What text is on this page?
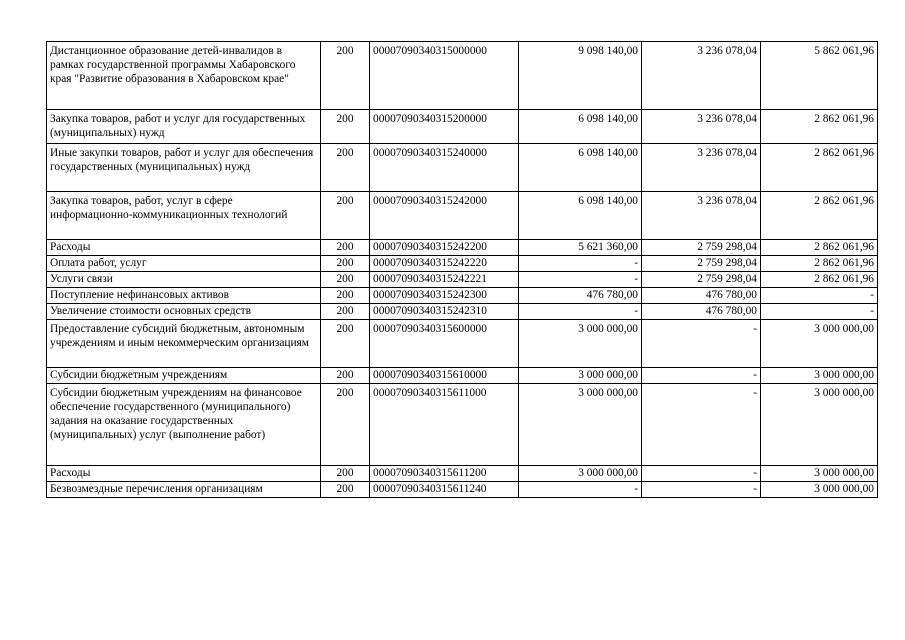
Дистанционное образование детей-инвалидов в рамках государственной программы Хабаровского края "Развитие образования в Хабаровском крае"	200	00007090340315000000	9 098 140,00	3 236 078,04	5 862 061,96
Закупка товаров, работ и услуг для государственных (муниципальных) нужд	200	00007090340315200000	6 098 140,00	3 236 078,04	2 862 061,96
Иные закупки товаров, работ и услуг для обеспечения государственных (муниципальных) нужд	200	00007090340315240000	6 098 140,00	3 236 078,04	2 862 061,96
Закупка товаров, работ, услуг в сфере информационно-коммуникационных технологий	200	00007090340315242000	6 098 140,00	3 236 078,04	2 862 061,96
Расходы	200	00007090340315242200	5 621 360,00	2 759 298,04	2 862 061,96
Оплата работ, услуг	200	00007090340315242220	-	2 759 298,04	2 862 061,96
Услуги связи	200	00007090340315242221	-	2 759 298,04	2 862 061,96
Поступление нефинансовых активов	200	00007090340315242300	476 780,00	476 780,00	-
Увеличение стоимости основных средств	200	00007090340315242310	-	476 780,00	-
Предоставление субсидий бюджетным, автономным учреждениям и иным некоммерческим организациям	200	00007090340315600000	3 000 000,00	-	3 000 000,00
Субсидии бюджетным учреждениям	200	00007090340315610000	3 000 000,00	-	3 000 000,00
Субсидии бюджетным учреждениям на финансовое обеспечение государственного (муниципального) задания на оказание государственных (муниципальных) услуг (выполнение работ)	200	00007090340315611000	3 000 000,00	-	3 000 000,00
Расходы	200	00007090340315611200	3 000 000,00	-	3 000 000,00
Безвозмездные перечисления организациям	200	00007090340315611240	-	-	3 000 000,00
